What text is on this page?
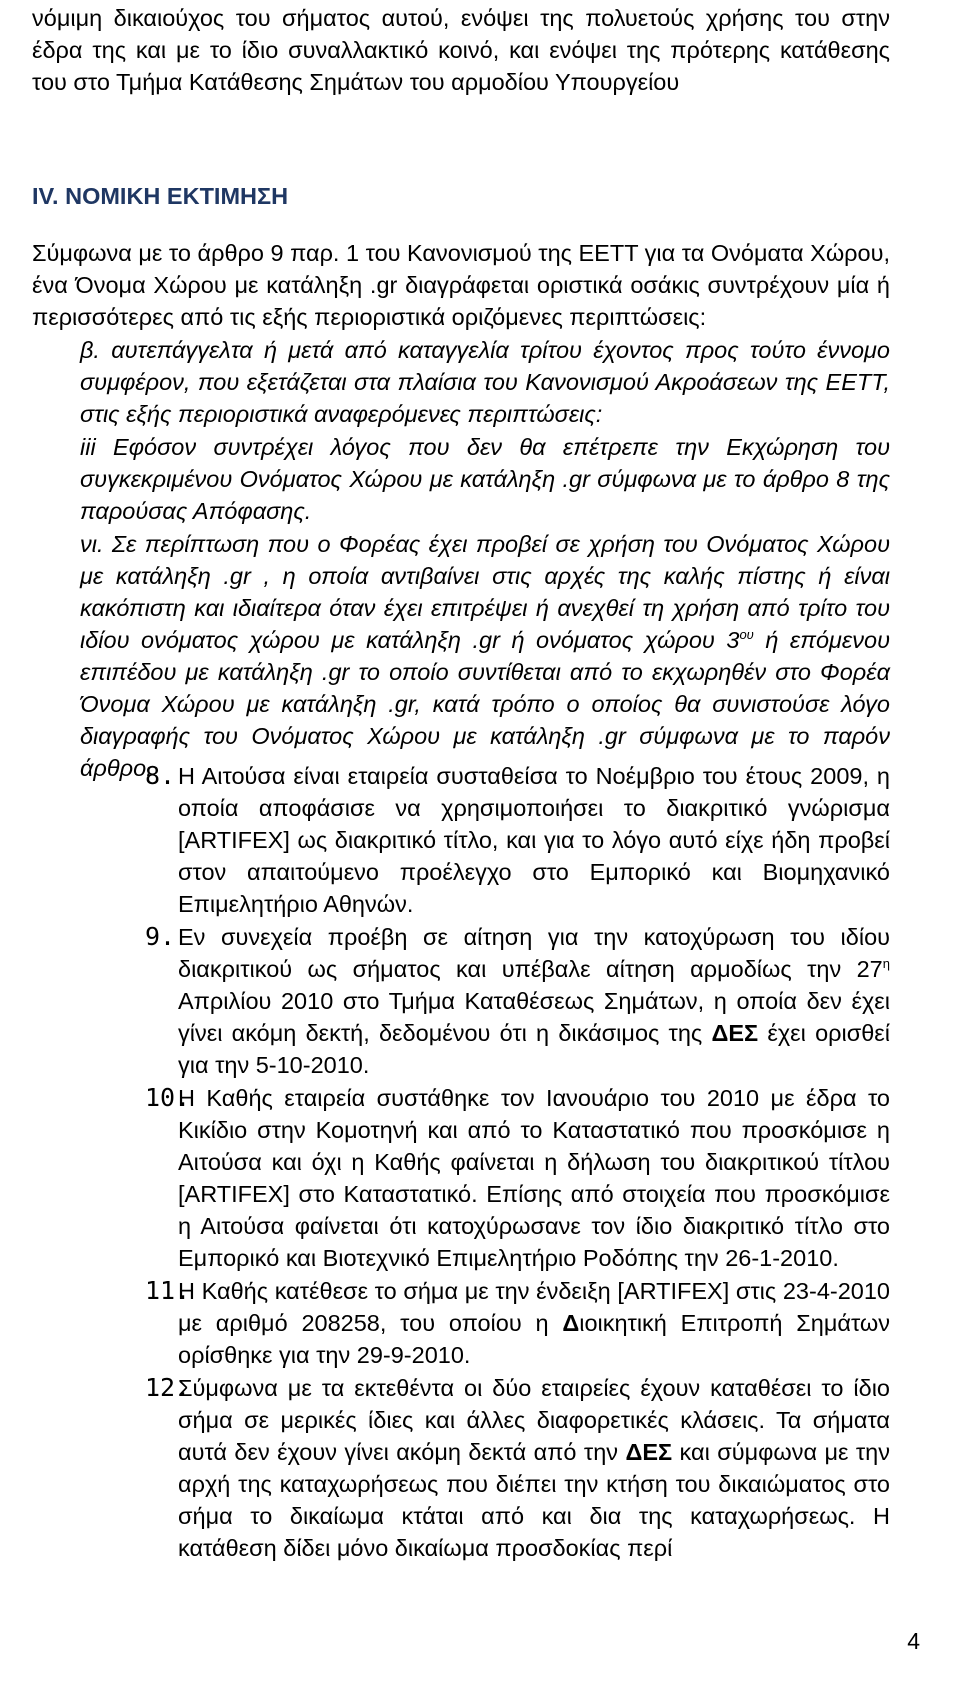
νόμιμη δικαιούχος του σήματος αυτού, ενόψει της πολυετούς χρήσης του στην έδρα της και με το ίδιο συναλλακτικό κοινό, και ενόψει της πρότερης κατάθεσης του στο Τμήμα Κατάθεσης Σημάτων του αρμοδίου Υπουργείου

IV. ΝΟΜΙΚΗ ΕΚΤΙΜΗΣΗ

Σύμφωνα με το άρθρο 9 παρ. 1 του Κανονισμού της ΕΕΤΤ για τα Ονόματα Χώρου, ένα Όνομα Χώρου με κατάληξη .gr διαγράφεται οριστικά οσάκις συντρέχουν μία ή περισσότερες από τις εξής περιοριστικά οριζόμενες περιπτώσεις:

β. αυτεπάγγελτα ή μετά από καταγγελία τρίτου έχοντος προς τούτο έννομο συμφέρον, που εξετάζεται στα πλαίσια του Κανονισμού Ακροάσεων της ΕΕΤΤ, στις εξής περιοριστικά αναφερόμενες περιπτώσεις:

iii Εφόσον συντρέχει λόγος που δεν θα επέτρεπε την Εκχώρηση του συγκεκριμένου Ονόματος Χώρου με κατάληξη .gr σύμφωνα με το άρθρο 8 της παρούσας Απόφασης.

νι. Σε περίπτωση που ο Φορέας έχει προβεί σε χρήση του Ονόματος Χώρου με κατάληξη .gr , η οποία αντιβαίνει στις αρχές της καλής πίστης ή είναι κακόπιστη και ιδιαίτερα όταν έχει επιτρέψει ή ανεχθεί τη χρήση από τρίτο του ιδίου ονόματος χώρου με κατάληξη .gr ή ονόματος χώρου $3^{o\upsilon}$ ή επόμενου επιπέδου με κατάληξη .gr το οποίο συντίθεται από το εκχωρηθέν στο Φορέα Όνομα Χώρου με κατάληξη .gr, κατά τρόπο ο οποίος θα συνιστούσε λόγο διαγραφής του Ονόματος Χώρου με κατάληξη .gr σύμφωνα με το παρόν άρθρο.

8. Η Αιτούσα είναι εταιρεία συσταθείσα το Νοέμβριο του έτους 2009, η οποία αποφάσισε να χρησιμοποιήσει το διακριτικό γνώρισμα [ARTIFEX] ως διακριτικό τίτλο, και για το λόγο αυτό είχε ήδη προβεί στον απαιτούμενο προέλεγχο στο Εμπορικό και Βιομηχανικό Επιμελητήριο Αθηνών.
9. Εν συνεχεία προέβη σε αίτηση για την κατοχύρωση του ιδίου διακριτικού ως σήματος και υπέβαλε αίτηση αρμοδίως την $27^\eta$ Απριλίου 2010 στο Τμήμα Καταθέσεως Σημάτων, η οποία δεν έχει γίνει ακόμη δεκτή, δεδομένου ότι η δικάσιμος της ΔΕΣ έχει ορισθεί για την 5-10-2010.
10.
Η Καθής εταιρεία συστάθηκε τον Ιανουάριο του 2010 με έδρα το Κικίδιο στην Κομοτηνή και από το Καταστατικό που προσκόμισε η Αιτούσα και όχι η Καθής φαίνεται η δήλωση του διακριτικού τίτλου [ARTIFEX] στο Καταστατικό. Επίσης από στοιχεία που προσκόμισε η Αιτούσα φαίνεται ότι κατοχύρωσανε τον ίδιο διακριτικό τίτλο στο Εμπορικό και Βιοτεχνικό Επιμελητήριο Ροδόπης την 26-1-2010.
11.
Η Καθής κατέθεσε το σήμα με την ένδειξη [ARTIFEX] στις 23-4-2010 με αριθμό 208258, του οποίου η Διοικητική Επιτροπή Σημάτων ορίσθηκε για την 29-9-2010.
12.
Σύμφωνα με τα εκτεθέντα οι δύο εταιρείες έχουν καταθέσει το ίδιο σήμα σε μερικές ίδιες και άλλες διαφορετικές κλάσεις. Τα σήματα αυτά δεν έχουν γίνει ακόμη δεκτά από την ΔΕΣ και σύμφωνα με την αρχή της καταχωρήσεως που διέπει την κτήση του δικαιώματος στο σήμα το δικαίωμα κτάται από και δια της καταχωρήσεως. Η κατάθεση δίδει μόνο δικαίωμα προσδοκίας περί
4
